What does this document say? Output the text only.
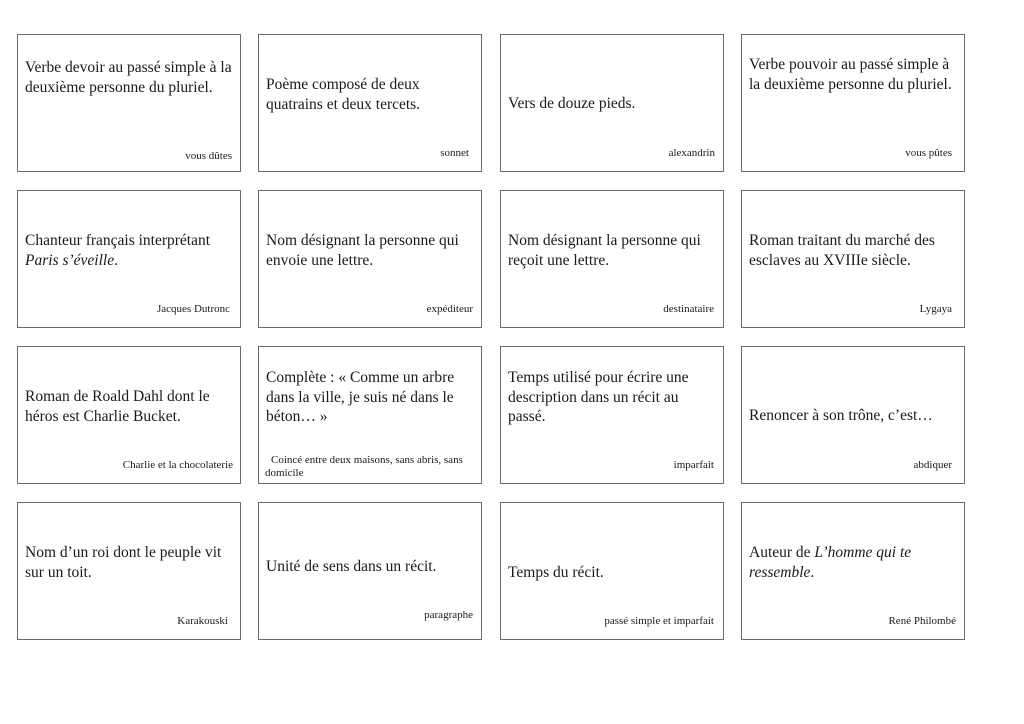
Verbe devoir au passé simple à la deuxième personne du pluriel.

vous dûtes

Poème composé de deux quatrains et deux tercets.

sonnet

Vers de douze pieds.

alexandrin

Verbe pouvoir au passé simple à la deuxième personne du pluriel.

vous pûtes

Chanteur français interprétant Paris s’éveille.

Jacques Dutronc

Nom désignant la personne qui envoie une lettre.

expéditeur

Nom désignant la personne qui reçoit une lettre.

destinataire

Roman traitant du marché des esclaves au XVIIIe siècle.

Lygaya

Roman de Roald Dahl dont le héros est Charlie Bucket.

Charlie et la chocolaterie

Complète : « Comme un arbre dans la ville, je suis né dans le béton… »

Coincé entre deux maisons, sans abris, sans domicile

Temps utilisé pour écrire une description dans un récit au passé.

imparfait

Renoncer à son trône, c’est…

abdiquer

Nom d’un roi dont le peuple vit sur un toit.

Karakouski

Unité de sens dans un récit.

paragraphe

Temps du récit.

passé simple et imparfait

Auteur de L’homme qui te ressemble.

René Philombé
